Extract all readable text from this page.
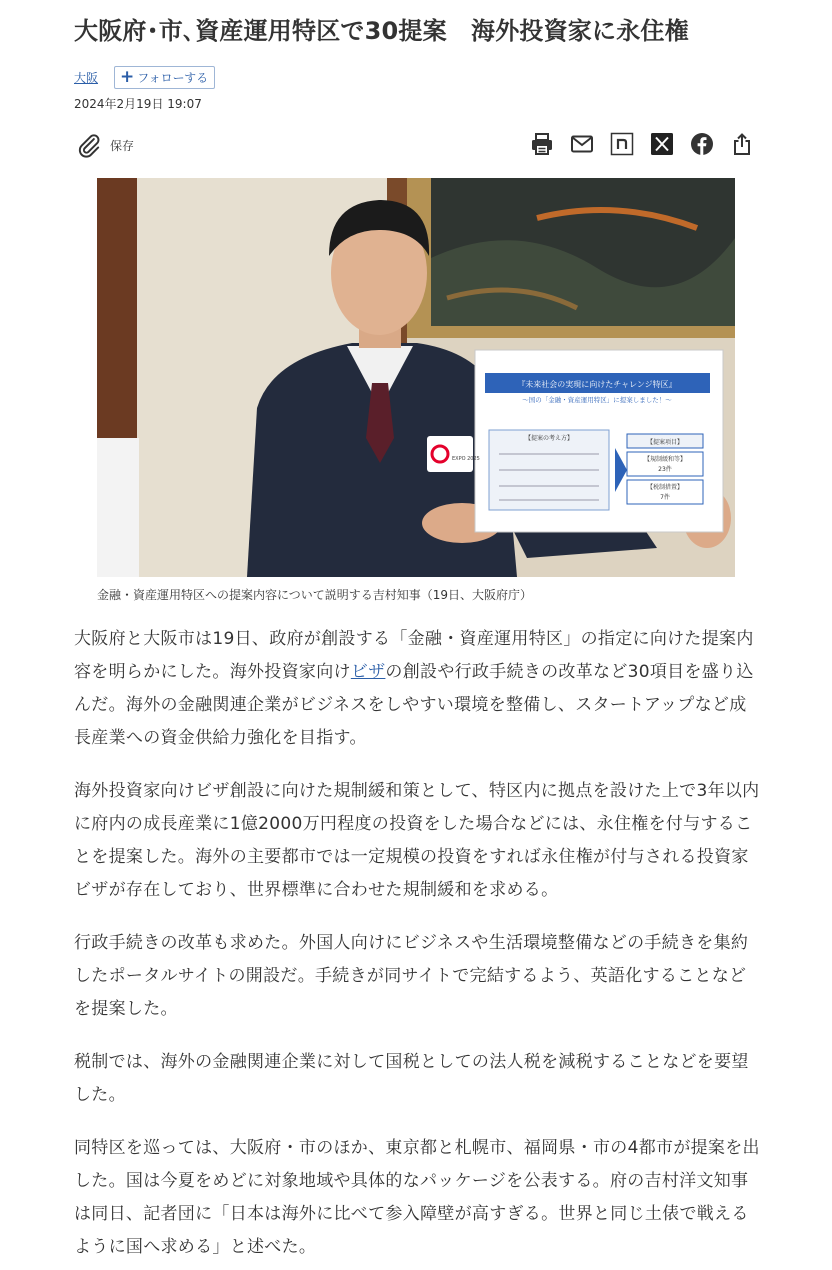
大阪府･市､資産運用特区で30提案　海外投資家に永住権
大阪 + フォローする
2024年2月19日 19:07
保存
『未来社会の実現に向けたチャレンジ特区』
～国の「金融・資産運用特区」に提案しました！～
【提案の考え方】
【提案項目】
【規制緩和等】
23件
【税制措置】
7件
EXPO 2025
金融・資産運用特区への提案内容について説明する吉村知事（19日、大阪府庁）

大阪府と大阪市は19日、政府が創設する「金融・資産運用特区」の指定に向けた提案内容を明らかにした。海外投資家向けビザの創設や行政手続きの改革など30項目を盛り込んだ。海外の金融関連企業がビジネスをしやすい環境を整備し、スタートアップなど成長産業への資金供給力強化を目指す。

海外投資家向けビザ創設に向けた規制緩和策として、特区内に拠点を設けた上で3年以内に府内の成長産業に1億2000万円程度の投資をした場合などには、永住権を付与することを提案した。海外の主要都市では一定規模の投資をすれば永住権が付与される投資家ビザが存在しており、世界標準に合わせた規制緩和を求める。

行政手続きの改革も求めた。外国人向けにビジネスや生活環境整備などの手続きを集約したポータルサイトの開設だ。手続きが同サイトで完結するよう、英語化することなどを提案した。

税制では、海外の金融関連企業に対して国税としての法人税を減税することなどを要望した。

同特区を巡っては、大阪府・市のほか、東京都と札幌市、福岡県・市の4都市が提案を出した。国は今夏をめどに対象地域や具体的なパッケージを公表する。府の吉村洋文知事は同日、記者団に「日本は海外に比べて参入障壁が高すぎる。世界と同じ土俵で戦えるように国へ求める」と述べた。
